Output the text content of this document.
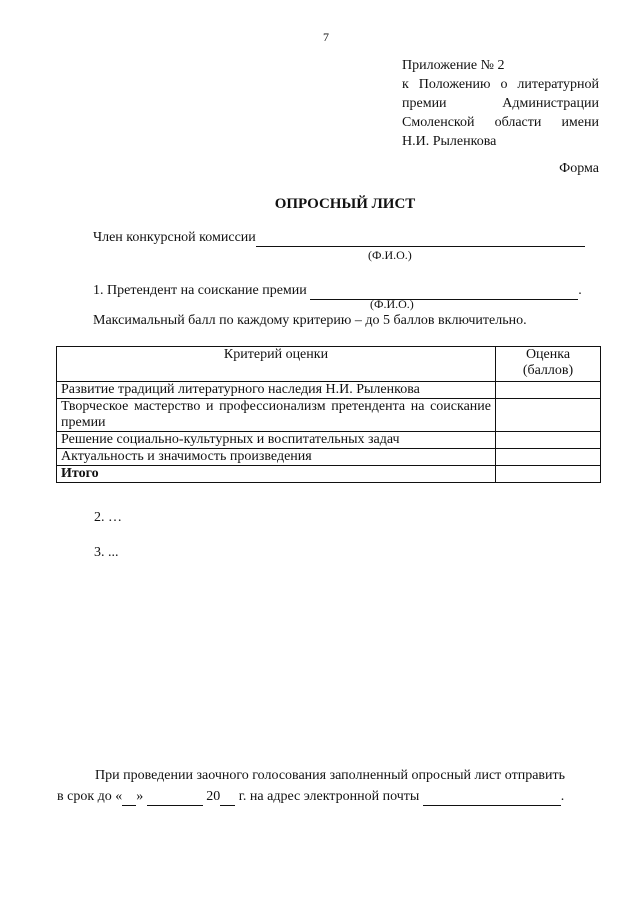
7
Приложение № 2
к Положению о литературной
премии Администрации
Смоленской области имени
Н.И. Рыленкова
Форма
ОПРОСНЫЙ ЛИСТ
Член конкурсной комиссии
(Ф.И.О.)
1. Претендент на соискание премии	.
(Ф.И.О.)
Максимальный балл по каждому критерию – до 5 баллов включительно.
Критерий оценки	Оценка
(баллов)

Развитие традиций литературного наследия Н.И. Рыленкова	
Творческое мастерство и профессионализм претендента на соискание премии	
Решение социально-культурных и воспитательных задач	
Актуальность и значимость произведения	
Итого	
2. …
3. ...
При проведении заочного голосования заполненный опросный лист отправить
в срок до « »	20 г. на адрес электронной почты	.
